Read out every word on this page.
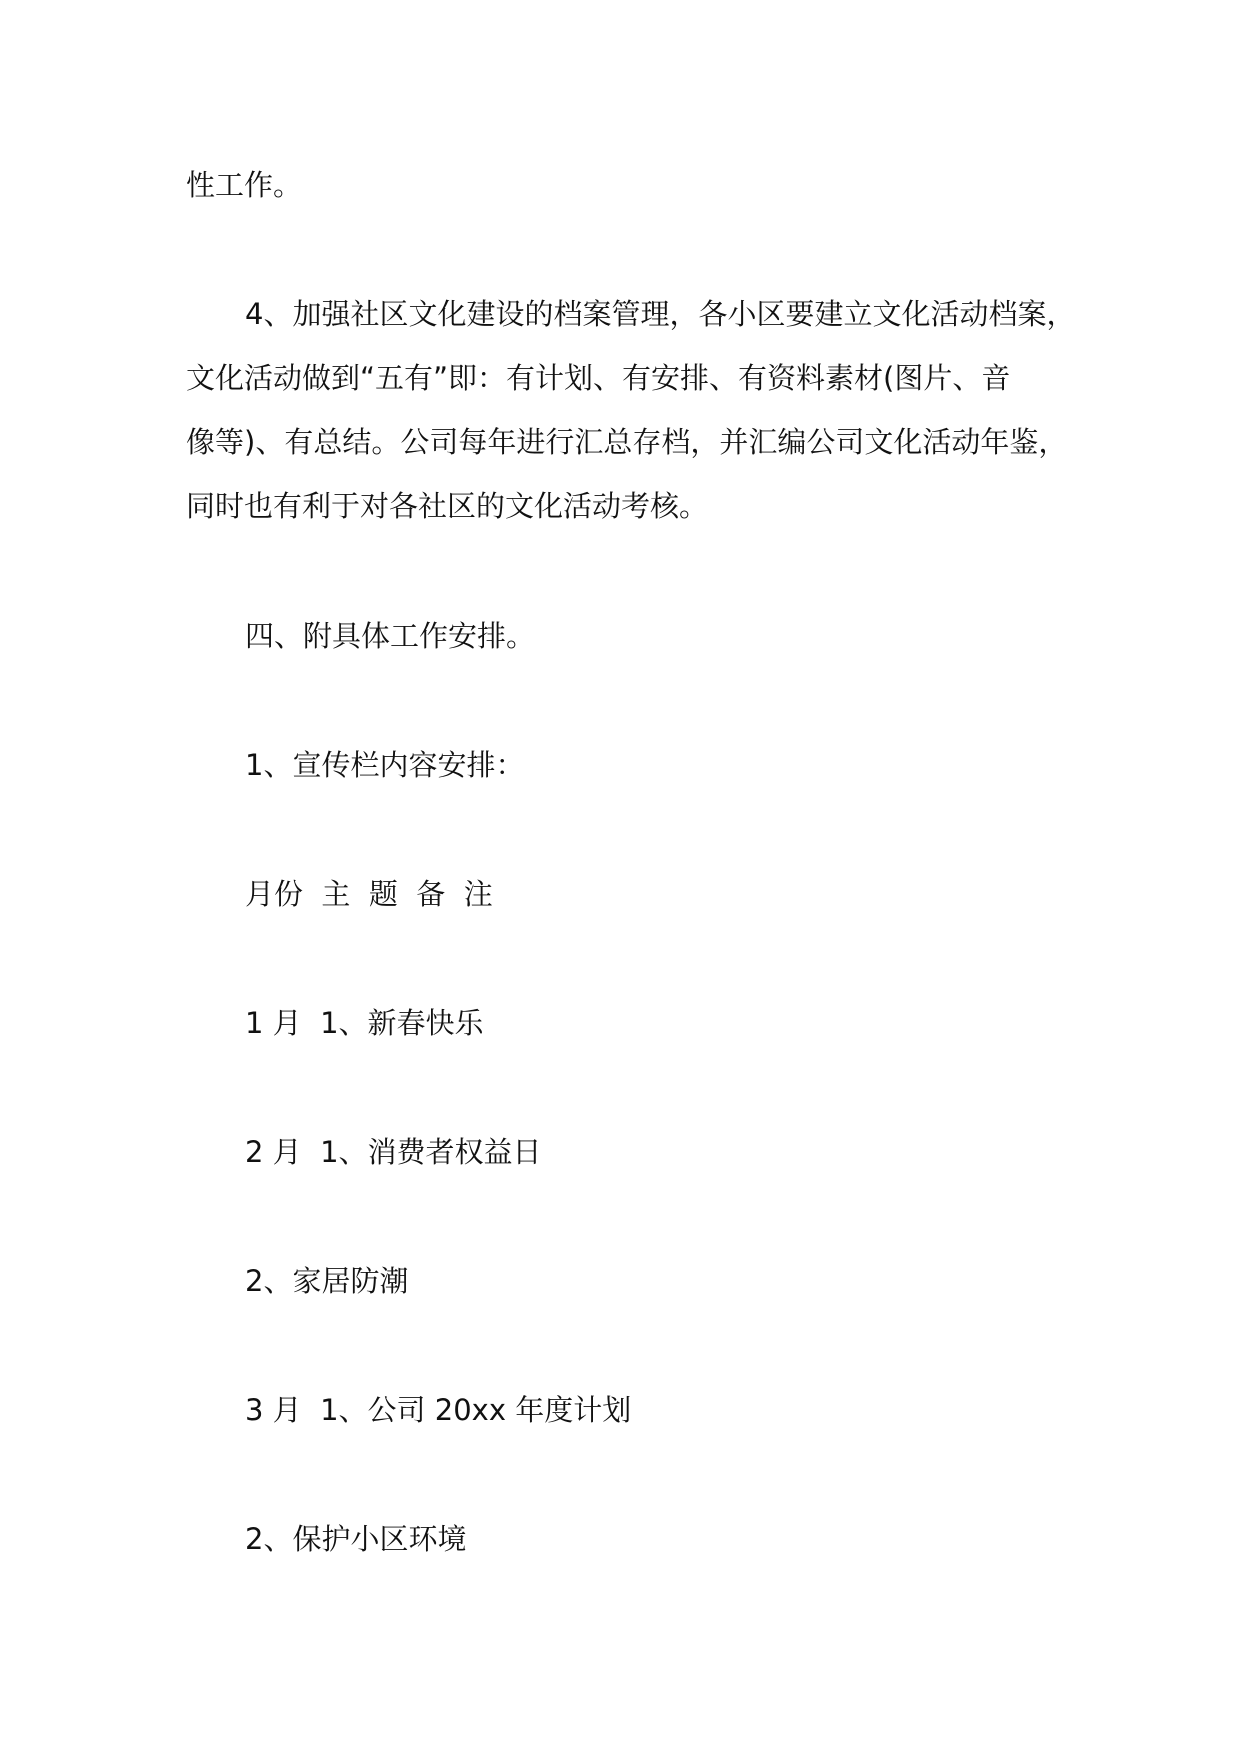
性工作。
4、加强社区文化建设的档案管理，各小区要建立文化活动档案，
文化活动做到“五有”即：有计划、有安排、有资料素材(图片、音
像等)、有总结。公司每年进行汇总存档，并汇编公司文化活动年鉴，
同时也有利于对各社区的文化活动考核。
四、附具体工作安排。
1、宣传栏内容安排：
月份  主  题  备  注
1 月  1、新春快乐
2 月  1、消费者权益日
2、家居防潮
3 月  1、公司 20xx 年度计划
2、保护小区环境
